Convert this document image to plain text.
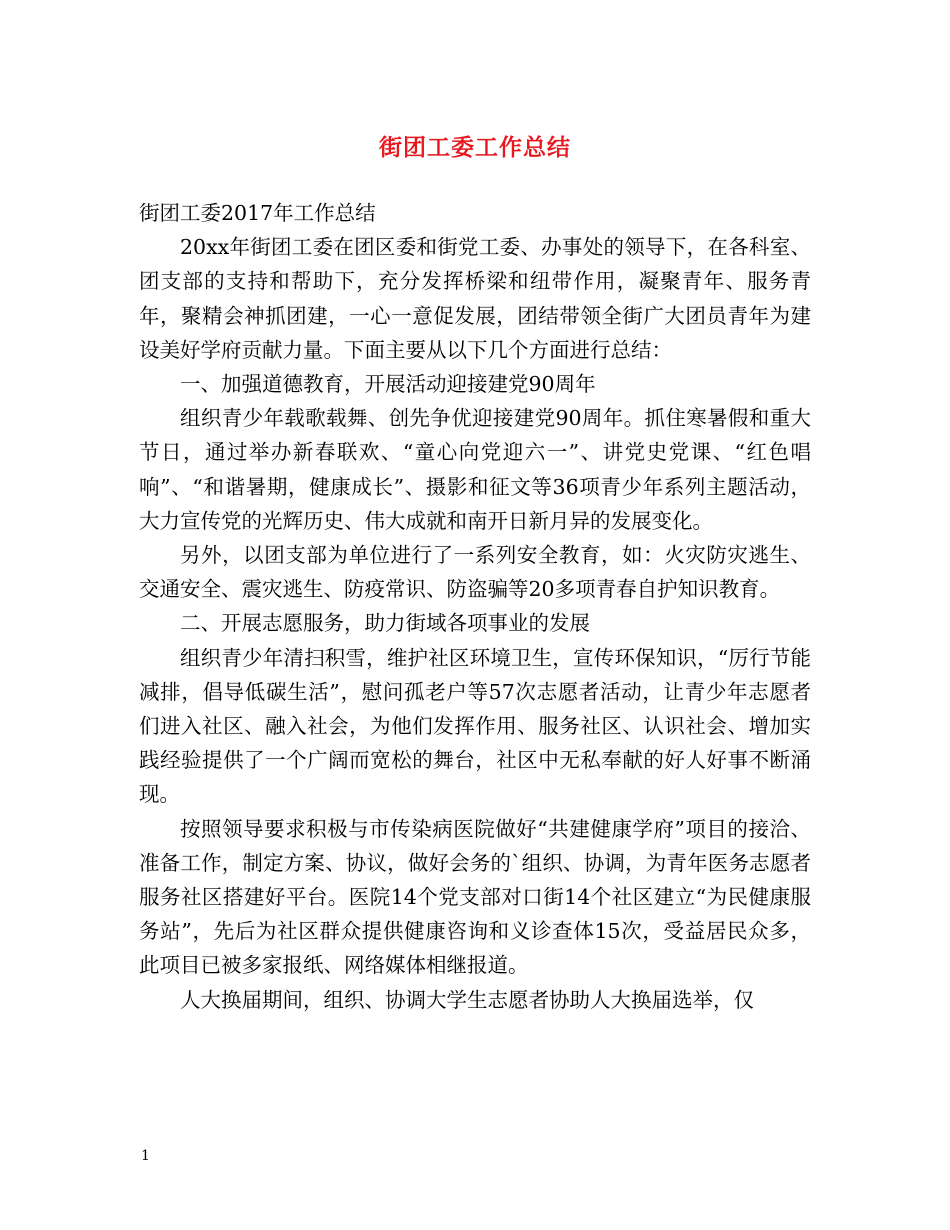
街团工委工作总结

街团工委2017年工作总结

20xx年街团工委在团区委和街党工委、办事处的领导下，在各科室、团支部的支持和帮助下，充分发挥桥梁和纽带作用，凝聚青年、服务青年，聚精会神抓团建，一心一意促发展，团结带领全街广大团员青年为建设美好学府贡献力量。下面主要从以下几个方面进行总结：

一、加强道德教育，开展活动迎接建党90周年

组织青少年载歌载舞、创先争优迎接建党90周年。抓住寒暑假和重大节日，通过举办新春联欢、“童心向党迎六一”、讲党史党课、“红色唱响”、“和谐暑期，健康成长”、摄影和征文等36项青少年系列主题活动，大力宣传党的光辉历史、伟大成就和南开日新月异的发展变化。

另外，以团支部为单位进行了一系列安全教育，如：火灾防灾逃生、交通安全、震灾逃生、防疫常识、防盗骗等20多项青春自护知识教育。

二、开展志愿服务，助力街域各项事业的发展

组织青少年清扫积雪，维护社区环境卫生，宣传环保知识，“厉行节能减排，倡导低碳生活”，慰问孤老户等57次志愿者活动，让青少年志愿者们进入社区、融入社会，为他们发挥作用、服务社区、认识社会、增加实践经验提供了一个广阔而宽松的舞台，社区中无私奉献的好人好事不断涌现。

按照领导要求积极与市传染病医院做好“共建健康学府”项目的接洽、准备工作，制定方案、协议，做好会务的`组织、协调，为青年医务志愿者服务社区搭建好平台。医院14个党支部对口街14个社区建立“为民健康服务站”，先后为社区群众提供健康咨询和义诊查体15次，受益居民众多，此项目已被多家报纸、网络媒体相继报道。

人大换届期间，组织、协调大学生志愿者协助人大换届选举，仅

1
